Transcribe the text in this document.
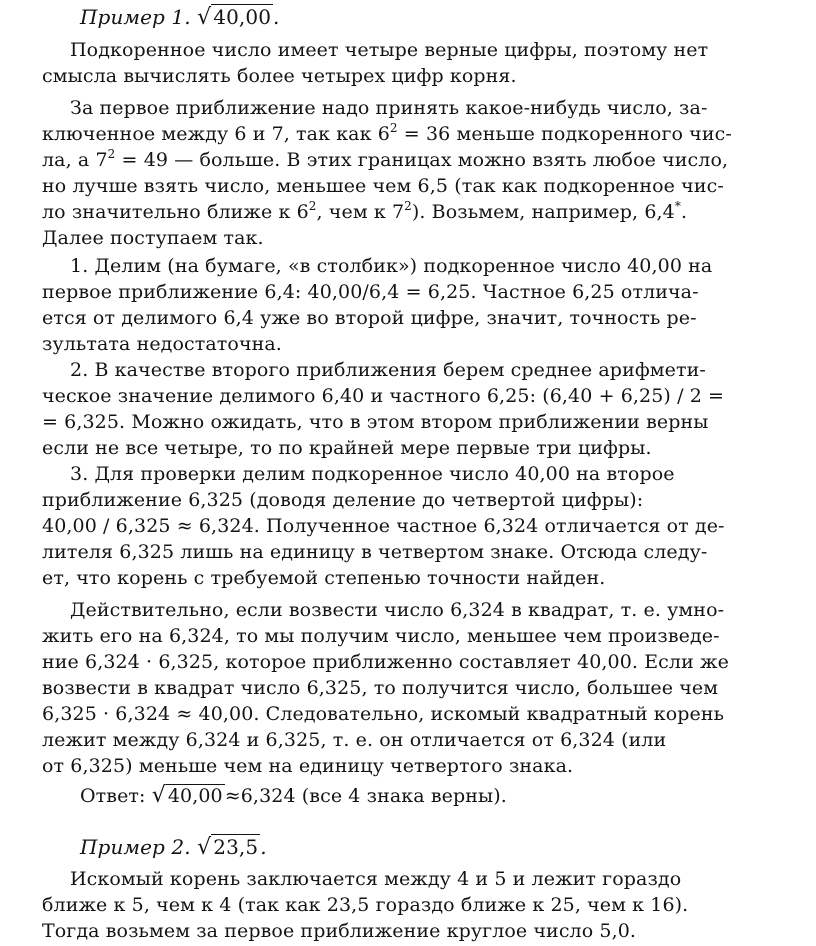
Пример 1. √ 40,00 .
Подкоренное число имеет четыре верные цифры, поэтому нет
смысла вычислять более четырех цифр корня.
За первое приближение надо принять какое-нибудь число, за-
ключенное между 6 и 7, так как $6^2 = 36$ меньше подкоренного чис-
ла, а $7^2 = 49$ — больше. В этих границах можно взять любое число,
но лучше взять число, меньшее чем 6,5 (так как подкоренное чис-
ло значительно ближе к $6^2$, чем к $7^2$). Возьмем, например, 6,4*.
Далее поступаем так.
1. Делим (на бумаге, «в столбик») подкоренное число 40,00 на
первое приближение 6,4: 40,00/6,4 = 6,25. Частное 6,25 отлича-
ется от делимого 6,4 уже во второй цифре, значит, точность ре-
зультата недостаточна.
2. В качестве второго приближения берем среднее арифмети-
ческое значение делимого 6,40 и частного 6,25: (6,40 + 6,25) / 2 =
= 6,325. Можно ожидать, что в этом втором приближении верны
если не все четыре, то по крайней мере первые три цифры.
3. Для проверки делим подкоренное число 40,00 на второе
приближение 6,325 (доводя деление до четвертой цифры):
40,00 / 6,325 ≈ 6,324. Полученное частное 6,324 отличается от де-
лителя 6,325 лишь на единицу в четвертом знаке. Отсюда следу-
ет, что корень с требуемой степенью точности найден.
Действительно, если возвести число 6,324 в квадрат, т. е. умно-
жить его на 6,324, то мы получим число, меньшее чем произведе-
ние 6,324 · 6,325, которое приближенно составляет 40,00. Если же
возвести в квадрат число 6,325, то получится число, большее чем
6,325 · 6,324 ≈ 40,00. Следовательно, искомый квадратный корень
лежит между 6,324 и 6,325, т. е. он отличается от 6,324 (или
от 6,325) меньше чем на единицу четвертого знака.
Ответ: √ 40,00 ≈6,324 (все 4 знака верны).
Пример 2. √ 23,5 .
Искомый корень заключается между 4 и 5 и лежит гораздо
ближе к 5, чем к 4 (так как 23,5 гораздо ближе к 25, чем к 16).
Тогда возьмем за первое приближение круглое число 5,0.
